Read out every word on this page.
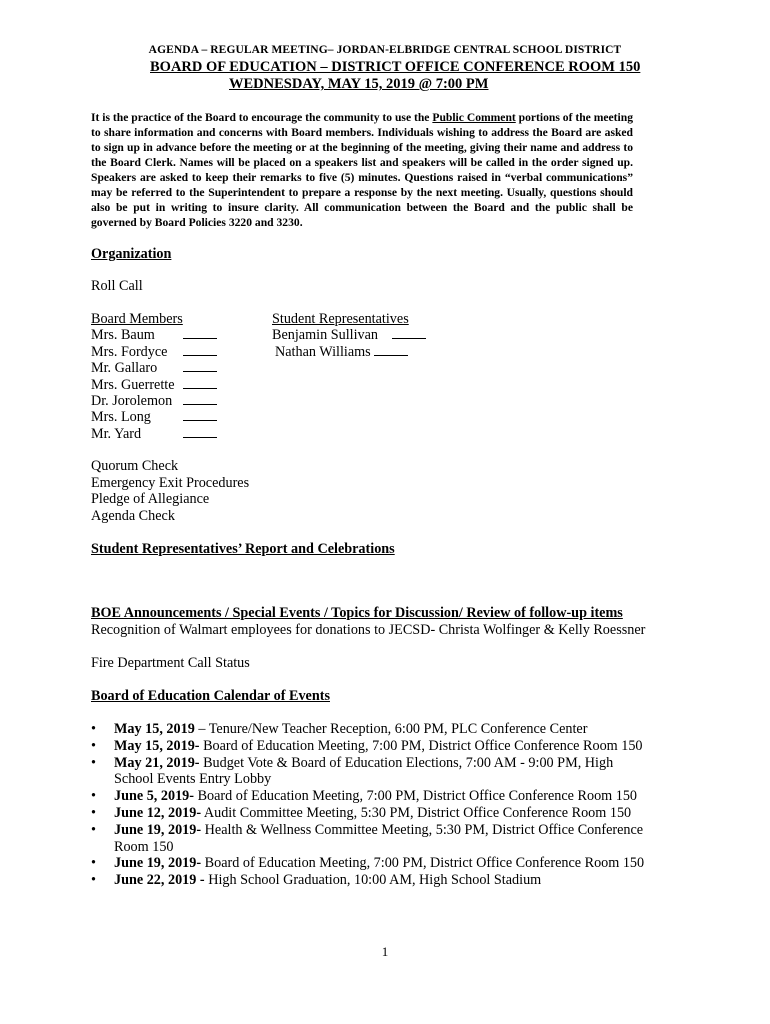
AGENDA – REGULAR MEETING– JORDAN-ELBRIDGE CENTRAL SCHOOL DISTRICT
BOARD OF EDUCATION – DISTRICT OFFICE CONFERENCE ROOM 150
WEDNESDAY, MAY 15, 2019 @ 7:00 PM
It is the practice of the Board to encourage the community to use the Public Comment portions of the meeting to share information and concerns with Board members. Individuals wishing to address the Board are asked to sign up in advance before the meeting or at the beginning of the meeting, giving their name and address to the Board Clerk. Names will be placed on a speakers list and speakers will be called in the order signed up. Speakers are asked to keep their remarks to five (5) minutes. Questions raised in “verbal communications” may be referred to the Superintendent to prepare a response by the next meeting. Usually, questions should also be put in writing to insure clarity. All communication between the Board and the public shall be governed by Board Policies 3220 and 3230.
Organization
Roll Call
Board Members
Mrs. Baum
Mrs. Fordyce
Mr. Gallaro
Mrs. Guerrette
Dr. Jorolemon
Mrs. Long
Mr. Yard
Student Representatives
Benjamin Sullivan
Nathan Williams
Quorum Check
Emergency Exit Procedures
Pledge of Allegiance
Agenda Check
Student Representatives’ Report and Celebrations
BOE Announcements / Special Events / Topics for Discussion/ Review of follow-up items
Recognition of Walmart employees for donations to JECSD- Christa Wolfinger & Kelly Roessner
Fire Department Call Status
Board of Education Calendar of Events
• May 15, 2019 – Tenure/New Teacher Reception, 6:00 PM, PLC Conference Center
• May 15, 2019- Board of Education Meeting, 7:00 PM, District Office Conference Room 150
• May 21, 2019- Budget Vote & Board of Education Elections, 7:00 AM - 9:00 PM, High School Events Entry Lobby
• June 5, 2019- Board of Education Meeting, 7:00 PM, District Office Conference Room 150
• June 12, 2019- Audit Committee Meeting, 5:30 PM, District Office Conference Room 150
• June 19, 2019- Health & Wellness Committee Meeting, 5:30 PM, District Office Conference Room 150
• June 19, 2019- Board of Education Meeting, 7:00 PM, District Office Conference Room 150
• June 22, 2019 - High School Graduation, 10:00 AM, High School Stadium
1
